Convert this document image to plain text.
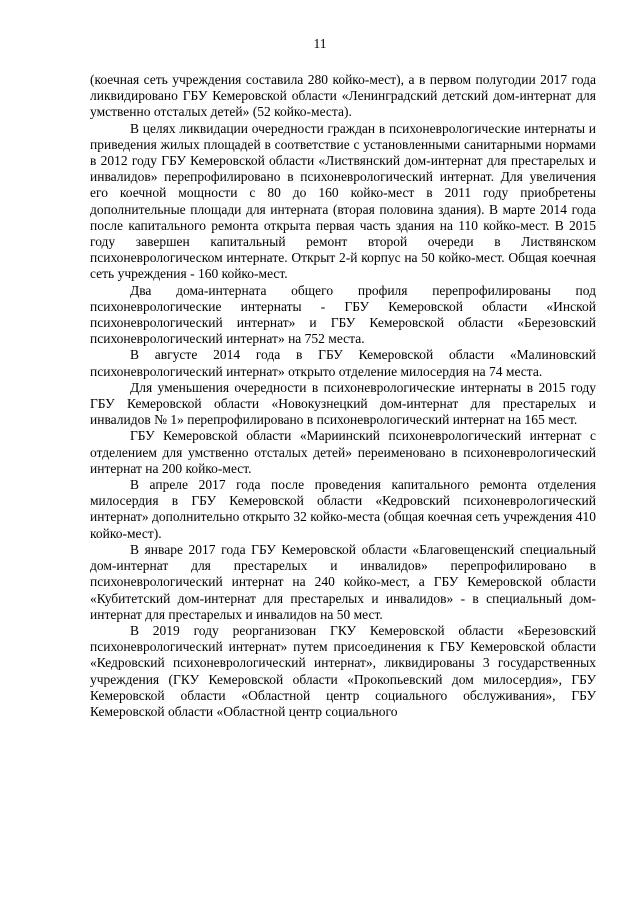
11

(коечная сеть учреждения составила 280 койко-мест), а в первом полугодии 2017 года ликвидировано ГБУ Кемеровской области «Ленинградский детский дом-интернат для умственно отсталых детей» (52 койко-места).

В целях ликвидации очередности граждан в психоневрологические интернаты и приведения жилых площадей в соответствие с установленными санитарными нормами в 2012 году ГБУ Кемеровской области «Листвянский дом-интернат для престарелых и инвалидов» перепрофилировано в психоневрологический интернат. Для увеличения его коечной мощности с 80 до 160 койко-мест в 2011 году приобретены дополнительные площади для интерната (вторая половина здания). В марте 2014 года после капитального ремонта открыта первая часть здания на 110 койко-мест. В 2015 году завершен капитальный ремонт второй очереди в Листвянском психоневрологическом интернате. Открыт 2-й корпус на 50 койко-мест. Общая коечная сеть учреждения - 160 койко-мест.

Два дома-интерната общего профиля перепрофилированы под психоневрологические интернаты - ГБУ Кемеровской области «Инской психоневрологический интернат» и ГБУ Кемеровской области «Березовский психоневрологический интернат» на 752 места.

В августе 2014 года в ГБУ Кемеровской области «Малиновский психоневрологический интернат» открыто отделение милосердия на 74 места.

Для уменьшения очередности в психоневрологические интернаты в 2015 году ГБУ Кемеровской области «Новокузнецкий дом-интернат для престарелых и инвалидов № 1» перепрофилировано в психоневрологический интернат на 165 мест.

ГБУ Кемеровской области «Мариинский психоневрологический интернат с отделением для умственно отсталых детей» переименовано в психоневрологический интернат на 200 койко-мест.

В апреле 2017 года после проведения капитального ремонта отделения милосердия в ГБУ Кемеровской области «Кедровский психоневрологический интернат» дополнительно открыто 32 койко-места (общая коечная сеть учреждения 410 койко-мест).

В январе 2017 года ГБУ Кемеровской области «Благовещенский специальный дом-интернат для престарелых и инвалидов» перепрофилировано в психоневрологический интернат на 240 койко-мест, а ГБУ Кемеровской области «Кубитетский дом-интернат для престарелых и инвалидов» - в специальный дом-интернат для престарелых и инвалидов на 50 мест.

В 2019 году реорганизован ГКУ Кемеровской области «Березовский психоневрологический интернат» путем присоединения к ГБУ Кемеровской области «Кедровский психоневрологический интернат», ликвидированы 3 государственных учреждения (ГКУ Кемеровской области «Прокопьевский дом милосердия», ГБУ Кемеровской области «Областной центр социального обслуживания», ГБУ Кемеровской области «Областной центр социального
